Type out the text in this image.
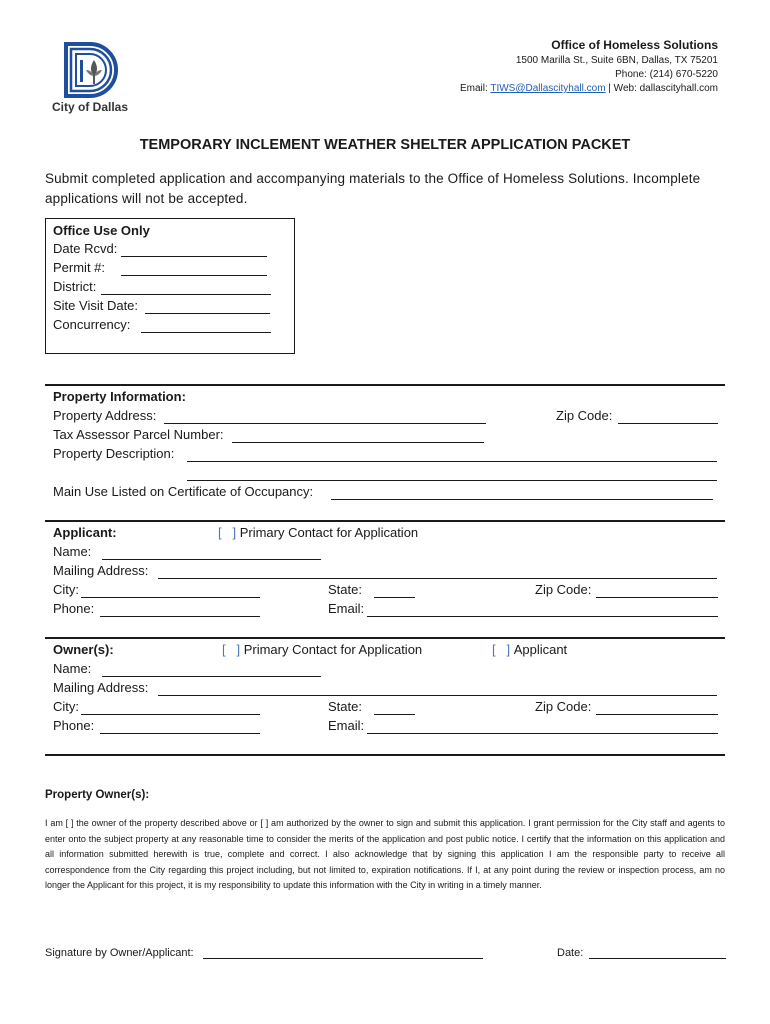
City of Dallas
Office of Homeless Solutions
1500 Marilla St., Suite 6BN, Dallas, TX 75201
Phone: (214) 670-5220
Email: TIWS@Dallascityhall.com | Web: dallascityhall.com
TEMPORARY INCLEMENT WEATHER SHELTER APPLICATION PACKET
Submit completed application and accompanying materials to the Office of Homeless Solutions. Incomplete applications will not be accepted.
Office Use Only
Date Rcvd:
Permit #:
District:
Site Visit Date:
Concurrency:
Property Information:
Property Address:	Zip Code:
Tax Assessor Parcel Number:
Property Description:
Main Use Listed on Certificate of Occupancy:
Applicant:	[   ] Primary Contact for Application
Name:
Mailing Address:
City:	State:	Zip Code:
Phone:	Email:
Owner(s):	[   ] Primary Contact for Application	[   ] Applicant
Name:
Mailing Address:
City:	State:	Zip Code:
Phone:	Email:
Property Owner(s):
I am [ ] the owner of the property described above or [ ] am authorized by the owner to sign and submit this application. I grant permission for the City staff and agents to enter onto the subject property at any reasonable time to consider the merits of the application and post public notice. I certify that the information on this application and all information submitted herewith is true, complete and correct. I also acknowledge that by signing this application I am the responsible party to receive all correspondence from the City regarding this project including, but not limited to, expiration notifications. If I, at any point during the review or inspection process, am no longer the Applicant for this project, it is my responsibility to update this information with the City in writing in a timely manner.
Signature by Owner/Applicant:	Date:
